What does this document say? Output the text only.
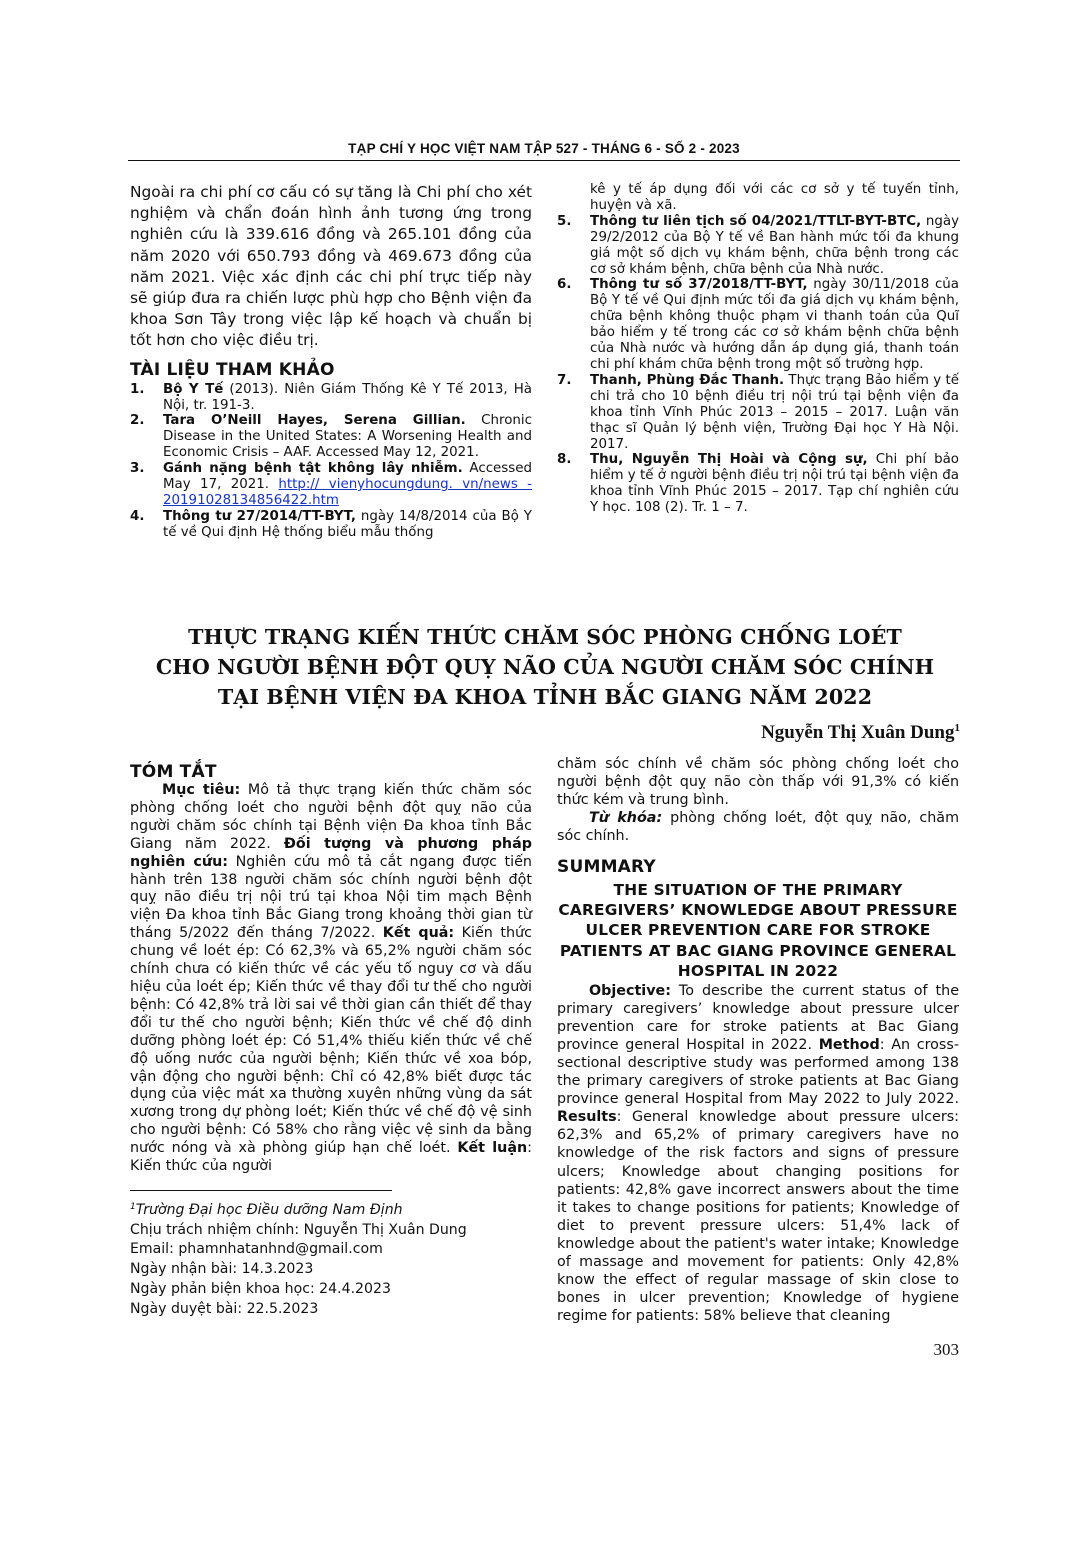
TẠP CHÍ Y HỌC VIỆT NAM TẬP 527 - THÁNG 6 - SỐ 2 - 2023

Ngoài ra chi phí cơ cấu có sự tăng là Chi phí cho xét nghiệm và chẩn đoán hình ảnh tương ứng trong nghiên cứu là 339.616 đồng và 265.101 đồng của năm 2020 với 650.793 đồng và 469.673 đồng của năm 2021. Việc xác định các chi phí trực tiếp này sẽ giúp đưa ra chiến lược phù hợp cho Bệnh viện đa khoa Sơn Tây trong việc lập kế hoạch và chuẩn bị tốt hơn cho việc điều trị.

TÀI LIỆU THAM KHẢO
1.	Bộ Y Tế (2013). Niên Giám Thống Kê Y Tế 2013, Hà Nội, tr. 191-3.
2.	Tara O’Neill Hayes, Serena Gillian. Chronic Disease in the United States: A Worsening Health and Economic Crisis – AAF. Accessed May 12, 2021.
3.	Gánh nặng bệnh tật không lây nhiễm. Accessed May 17, 2021. http:// vienyhocungdung. vn/news - 20191028134856422.htm
4.	Thông tư 27/2014/TT-BYT, ngày 14/8/2014 của Bộ Y tế về Qui định Hệ thống biểu mẫu thống
kê y tế áp dụng đối với các cơ sở y tế tuyến tỉnh, huyện và xã.
5.	Thông tư liên tịch số 04/2021/TTLT-BYT-BTC, ngày 29/2/2012 của Bộ Y tế về Ban hành mức tối đa khung giá một số dịch vụ khám bệnh, chữa bệnh trong các cơ sở khám bệnh, chữa bệnh của Nhà nước.
6.	Thông tư số 37/2018/TT-BYT, ngày 30/11/2018 của Bộ Y tế về Qui định mức tối đa giá dịch vụ khám bệnh, chữa bệnh không thuộc phạm vi thanh toán của Quĩ bảo hiểm y tế trong các cơ sở khám bệnh chữa bệnh của Nhà nước và hướng dẫn áp dụng giá, thanh toán chi phí khám chữa bệnh trong một số trường hợp.
7.	Thanh, Phùng Đắc Thanh. Thực trạng Bảo hiểm y tế chi trả cho 10 bệnh điều trị nội trú tại bệnh viện đa khoa tỉnh Vĩnh Phúc 2013 – 2015 – 2017. Luận văn thạc sĩ Quản lý bệnh viện, Trường Đại học Y Hà Nội. 2017.
8.	Thu, Nguyễn Thị Hoài và Cộng sự, Chi phí bảo hiểm y tế ở người bệnh điều trị nội trú tại bệnh viện đa khoa tỉnh Vĩnh Phúc 2015 – 2017. Tạp chí nghiên cứu Y học. 108 (2). Tr. 1 – 7.
THỰC TRẠNG KIẾN THỨC CHĂM SÓC PHÒNG CHỐNG LOÉT
CHO NGƯỜI BỆNH ĐỘT QUỴ NÃO CỦA NGƯỜI CHĂM SÓC CHÍNH
TẠI BỆNH VIỆN ĐA KHOA TỈNH BẮC GIANG NĂM 2022
Nguyễn Thị Xuân Dung$^1$
TÓM TẮT

Mục tiêu: Mô tả thực trạng kiến thức chăm sóc phòng chống loét cho người bệnh đột quỵ não của người chăm sóc chính tại Bệnh viện Đa khoa tỉnh Bắc Giang năm 2022. Đối tượng và phương pháp nghiên cứu: Nghiên cứu mô tả cắt ngang được tiến hành trên 138 người chăm sóc chính người bệnh đột quỵ não điều trị nội trú tại khoa Nội tim mạch Bệnh viện Đa khoa tỉnh Bắc Giang trong khoảng thời gian từ tháng 5/2022 đến tháng 7/2022. Kết quả: Kiến thức chung về loét ép: Có 62,3% và 65,2% người chăm sóc chính chưa có kiến thức về các yếu tố nguy cơ và dấu hiệu của loét ép; Kiến thức về thay đổi tư thế cho người bệnh: Có 42,8% trả lời sai về thời gian cần thiết để thay đổi tư thế cho người bệnh; Kiến thức về chế độ dinh dưỡng phòng loét ép: Có 51,4% thiếu kiến thức về chế độ uống nước của người bệnh; Kiến thức về xoa bóp, vận động cho người bệnh: Chỉ có 42,8% biết được tác dụng của việc mát xa thường xuyên những vùng da sát xương trong dự phòng loét; Kiến thức về chế độ vệ sinh cho người bệnh: Có 58% cho rằng việc vệ sinh da bằng nước nóng và xà phòng giúp hạn chế loét. Kết luận: Kiến thức của người

$^1$Trường Đại học Điều dưỡng Nam Định
Chịu trách nhiệm chính: Nguyễn Thị Xuân Dung
Email: phamnhatanhnd@gmail.com
Ngày nhận bài: 14.3.2023
Ngày phản biện khoa học: 24.4.2023
Ngày duyệt bài: 22.5.2023

chăm sóc chính về chăm sóc phòng chống loét cho người bệnh đột quỵ não còn thấp với 91,3% có kiến thức kém và trung bình.

Từ khóa: phòng chống loét, đột quỵ não, chăm sóc chính.

SUMMARY
THE SITUATION OF THE PRIMARY CAREGIVERS’ KNOWLEDGE ABOUT PRESSURE ULCER PREVENTION CARE FOR STROKE PATIENTS AT BAC GIANG PROVINCE GENERAL HOSPITAL IN 2022

Objective: To describe the current status of the primary caregivers’ knowledge about pressure ulcer prevention care for stroke patients at Bac Giang province general Hospital in 2022. Method: An cross-sectional descriptive study was performed among 138 the primary caregivers of stroke patients at Bac Giang province general Hospital from May 2022 to July 2022. Results: General knowledge about pressure ulcers: 62,3% and 65,2% of primary caregivers have no knowledge of the risk factors and signs of pressure ulcers; Knowledge about changing positions for patients: 42,8% gave incorrect answers about the time it takes to change positions for patients; Knowledge of diet to prevent pressure ulcers: 51,4% lack of knowledge about the patient's water intake; Knowledge of massage and movement for patients: Only 42,8% know the effect of regular massage of skin close to bones in ulcer prevention; Knowledge of hygiene regime for patients: 58% believe that cleaning

303
